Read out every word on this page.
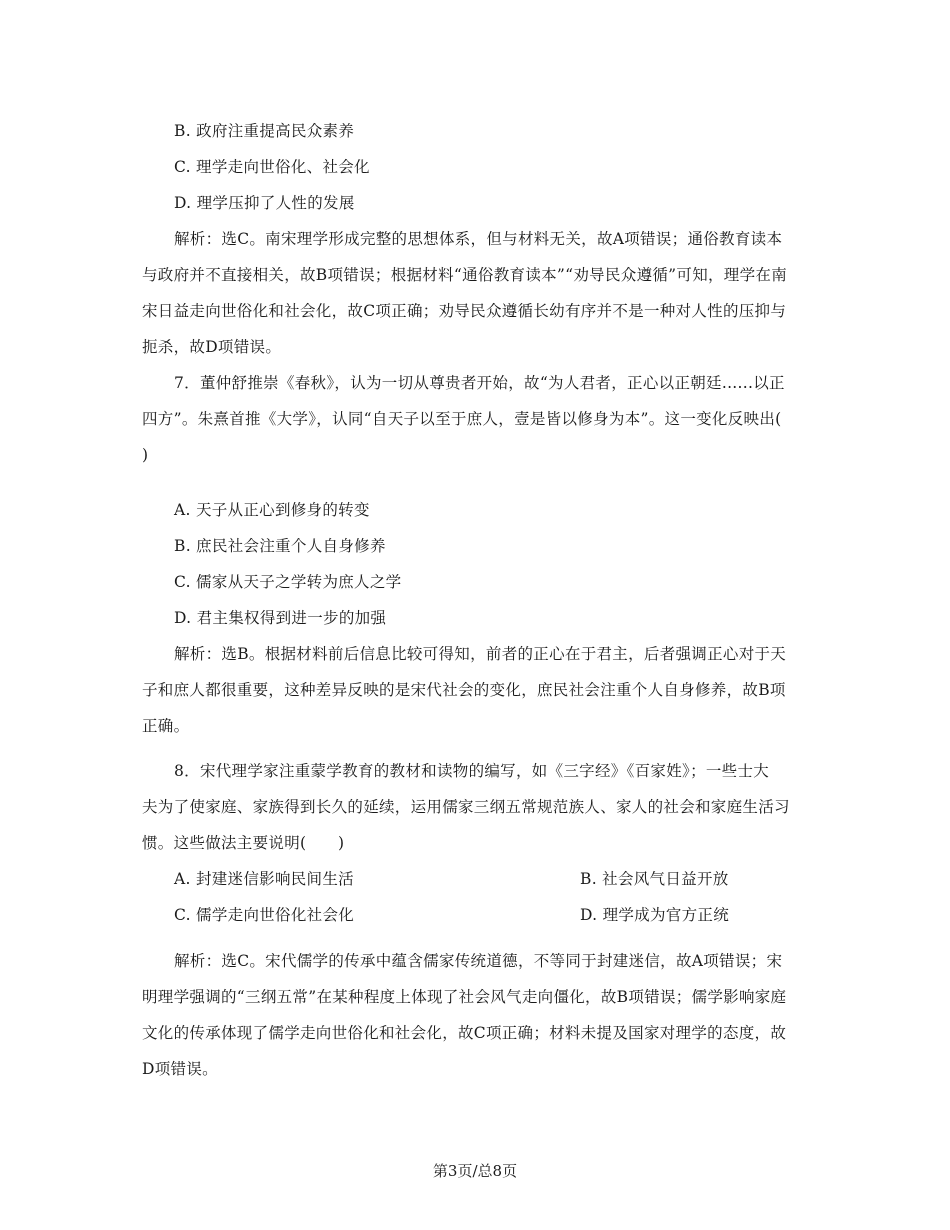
B. 政府注重提高民众素养
C. 理学走向世俗化、社会化
D. 理学压抑了人性的发展
解析：选C。南宋理学形成完整的思想体系，但与材料无关，故A项错误；通俗教育读本
与政府并不直接相关，故B项错误；根据材料“通俗教育读本”“劝导民众遵循”可知，理学在南
宋日益走向世俗化和社会化，故C项正确；劝导民众遵循长幼有序并不是一种对人性的压抑与
扼杀，故D项错误。
7．董仲舒推崇《春秋》，认为一切从尊贵者开始，故“为人君者，正心以正朝廷......以正
四方”。朱熹首推《大学》，认同“自天子以至于庶人，壹是皆以修身为本”。这一变化反映出(
)
A. 天子从正心到修身的转变
B. 庶民社会注重个人自身修养
C. 儒家从天子之学转为庶人之学
D. 君主集权得到进一步的加强
解析：选B。根据材料前后信息比较可得知，前者的正心在于君主，后者强调正心对于天
子和庶人都很重要，这种差异反映的是宋代社会的变化，庶民社会注重个人自身修养，故B项
正确。
8．宋代理学家注重蒙学教育的教材和读物的编写，如《三字经》《百家姓》；一些士大
夫为了使家庭、家族得到长久的延续，运用儒家三纲五常规范族人、家人的社会和家庭生活习
惯。这些做法主要说明(　　)
A. 封建迷信影响民间生活	B. 社会风气日益开放
C. 儒学走向世俗化社会化	D. 理学成为官方正统
解析：选C。宋代儒学的传承中蕴含儒家传统道德，不等同于封建迷信，故A项错误；宋
明理学强调的“三纲五常”在某种程度上体现了社会风气走向僵化，故B项错误；儒学影响家庭
文化的传承体现了儒学走向世俗化和社会化，故C项正确；材料未提及国家对理学的态度，故
D项错误。
第3页/总8页
